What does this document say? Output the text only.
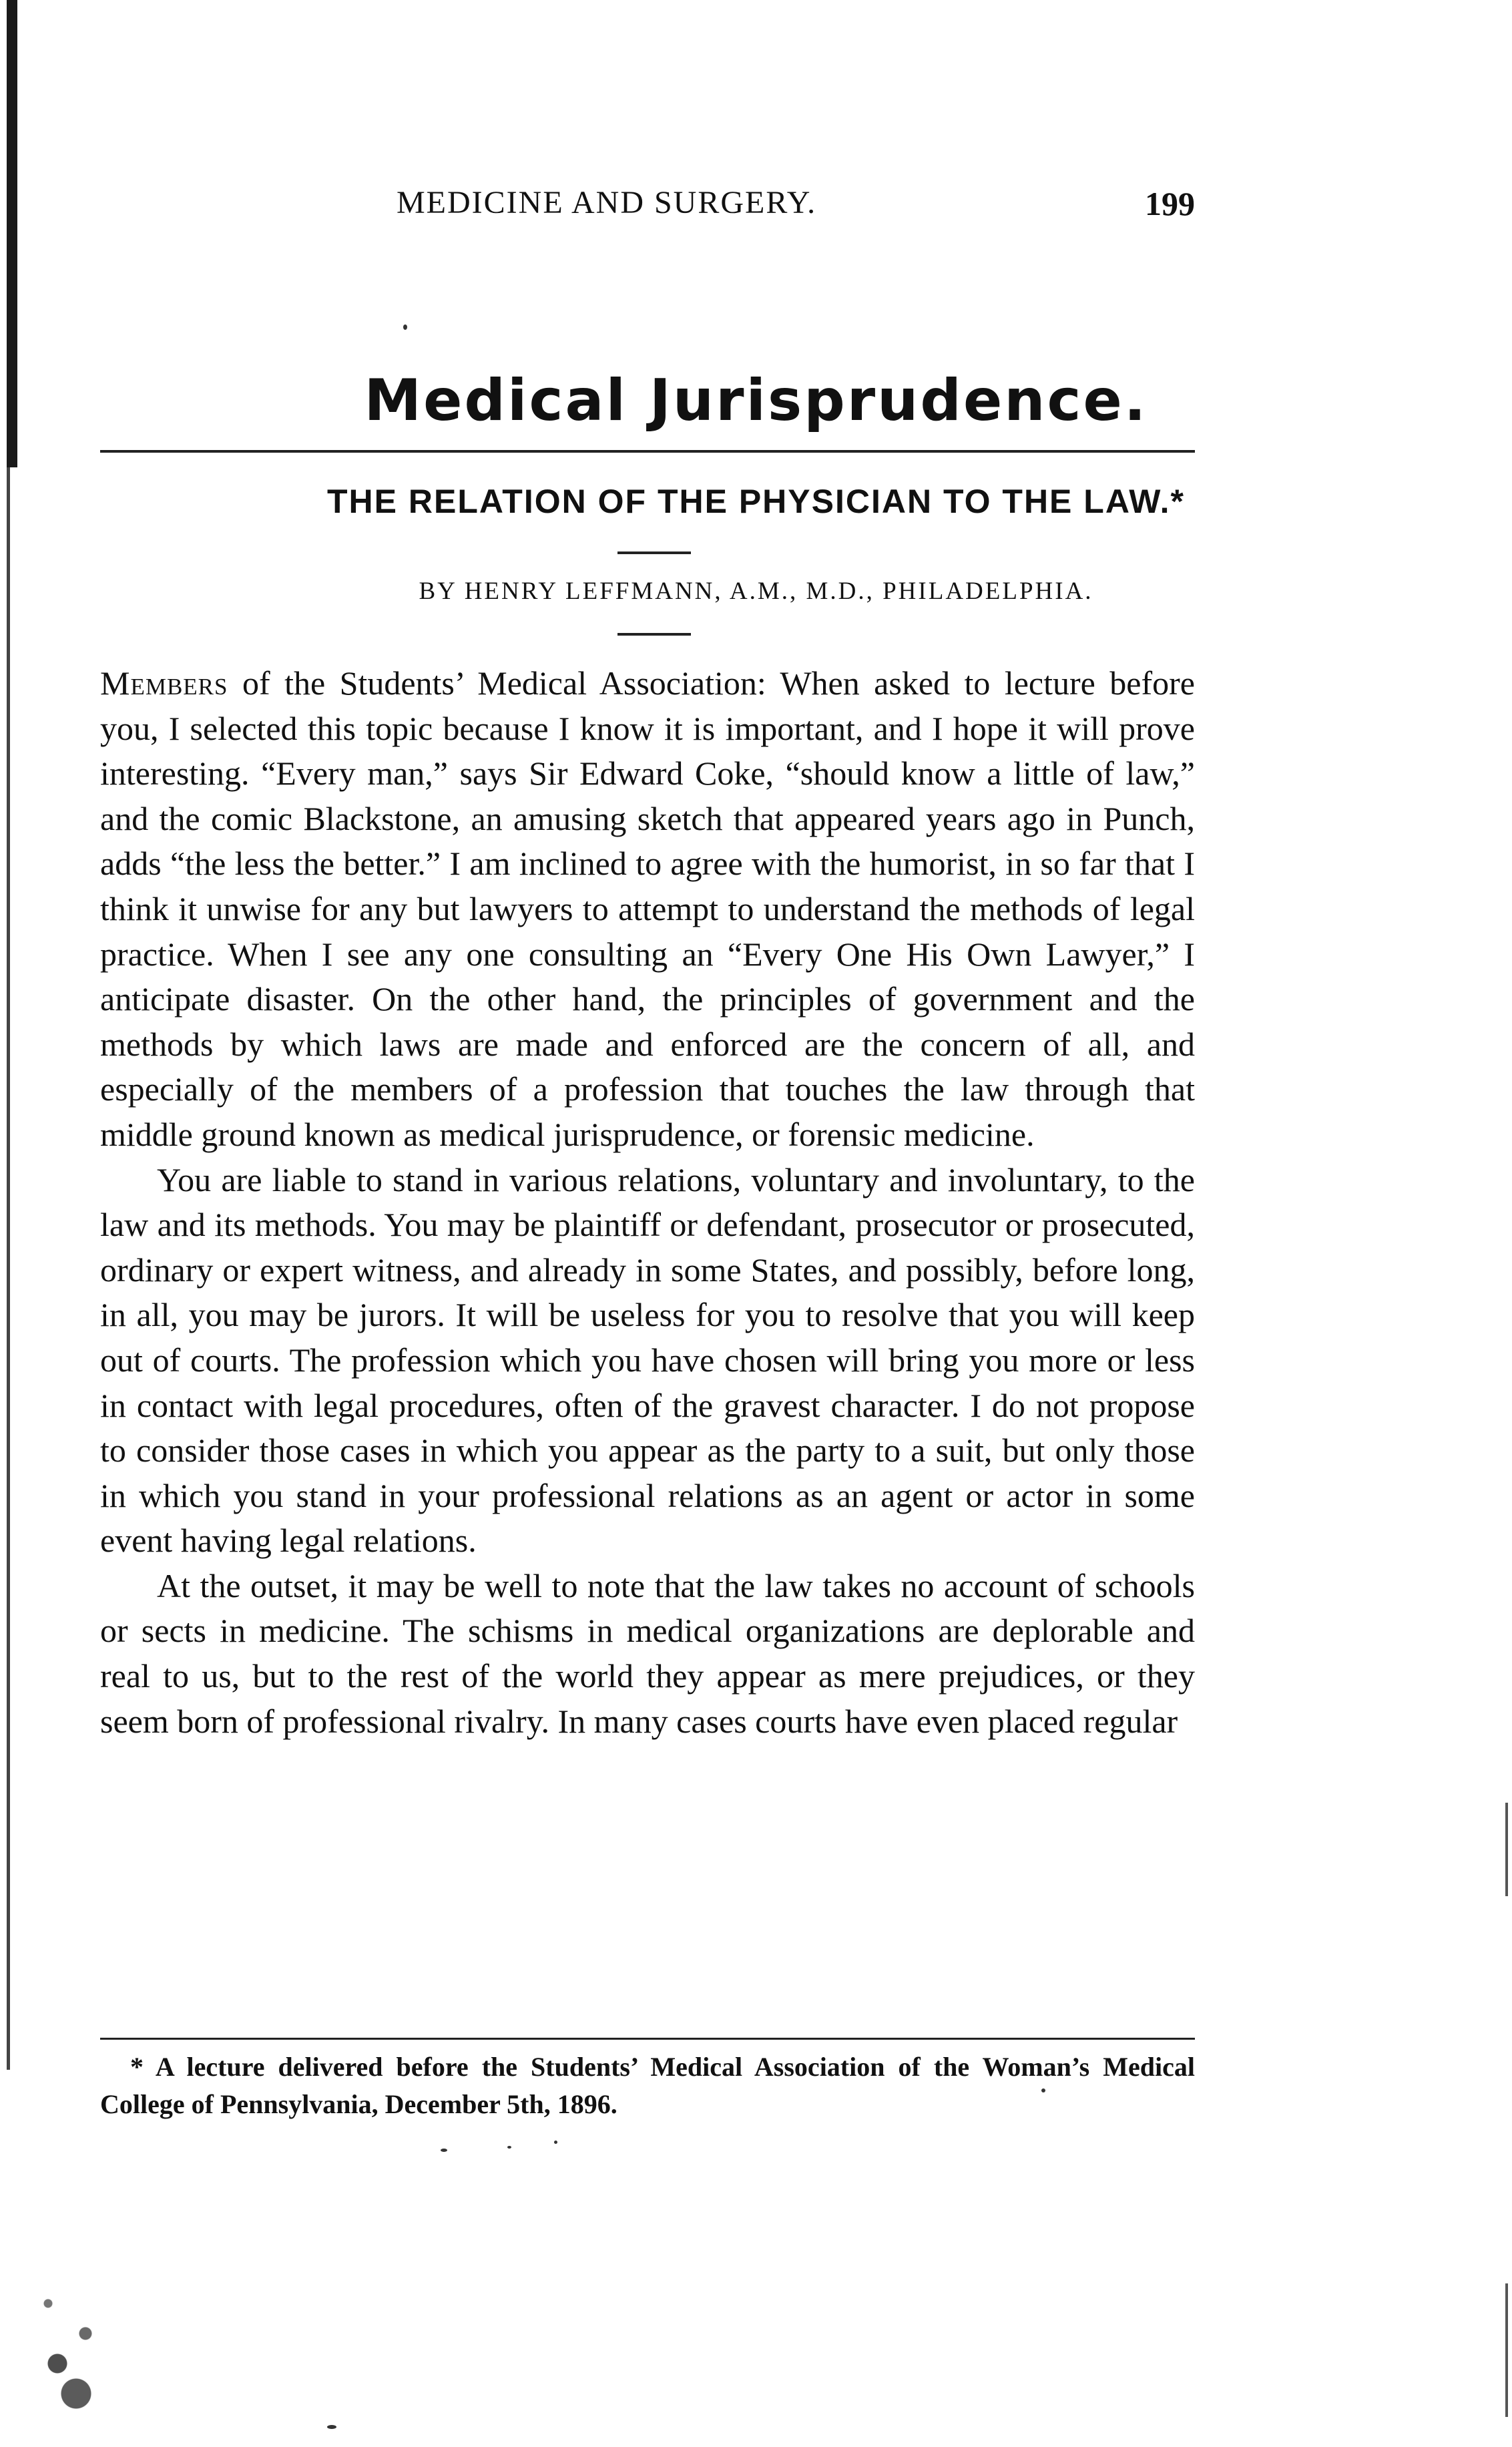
MEDICINE AND SURGERY.	199
Medical Jurisprudence.
THE RELATION OF THE PHYSICIAN TO THE LAW.*
BY HENRY LEFFMANN, A.M., M.D., PHILADELPHIA.

Members of the Students’ Medical Association: When asked to lecture before you, I selected this topic because I know it is important, and I hope it will prove interesting. “Every man,” says Sir Edward Coke, “should know a little of law,” and the comic Blackstone, an amusing sketch that appeared years ago in Punch, adds “the less the better.” I am inclined to agree with the humorist, in so far that I think it unwise for any but lawyers to attempt to understand the methods of legal practice. When I see any one consulting an “Every One His Own Lawyer,” I anticipate disaster. On the other hand, the principles of government and the methods by which laws are made and enforced are the concern of all, and especially of the members of a profession that touches the law through that middle ground known as medical jurisprudence, or forensic medicine.

You are liable to stand in various relations, voluntary and involuntary, to the law and its methods. You may be plaintiff or defendant, prosecutor or prosecuted, ordinary or expert witness, and already in some States, and possibly, before long, in all, you may be jurors. It will be useless for you to resolve that you will keep out of courts. The profession which you have chosen will bring you more or less in contact with legal procedures, often of the gravest character. I do not propose to consider those cases in which you appear as the party to a suit, but only those in which you stand in your professional relations as an agent or actor in some event having legal relations.

At the outset, it may be well to note that the law takes no account of schools or sects in medicine. The schisms in medical organizations are deplorable and real to us, but to the rest of the world they appear as mere prejudices, or they seem born of professional rivalry. In many cases courts have even placed regular

* A lecture delivered before the Students’ Medical Association of the Woman’s Medical College of Pennsylvania, December 5th, 1896.
